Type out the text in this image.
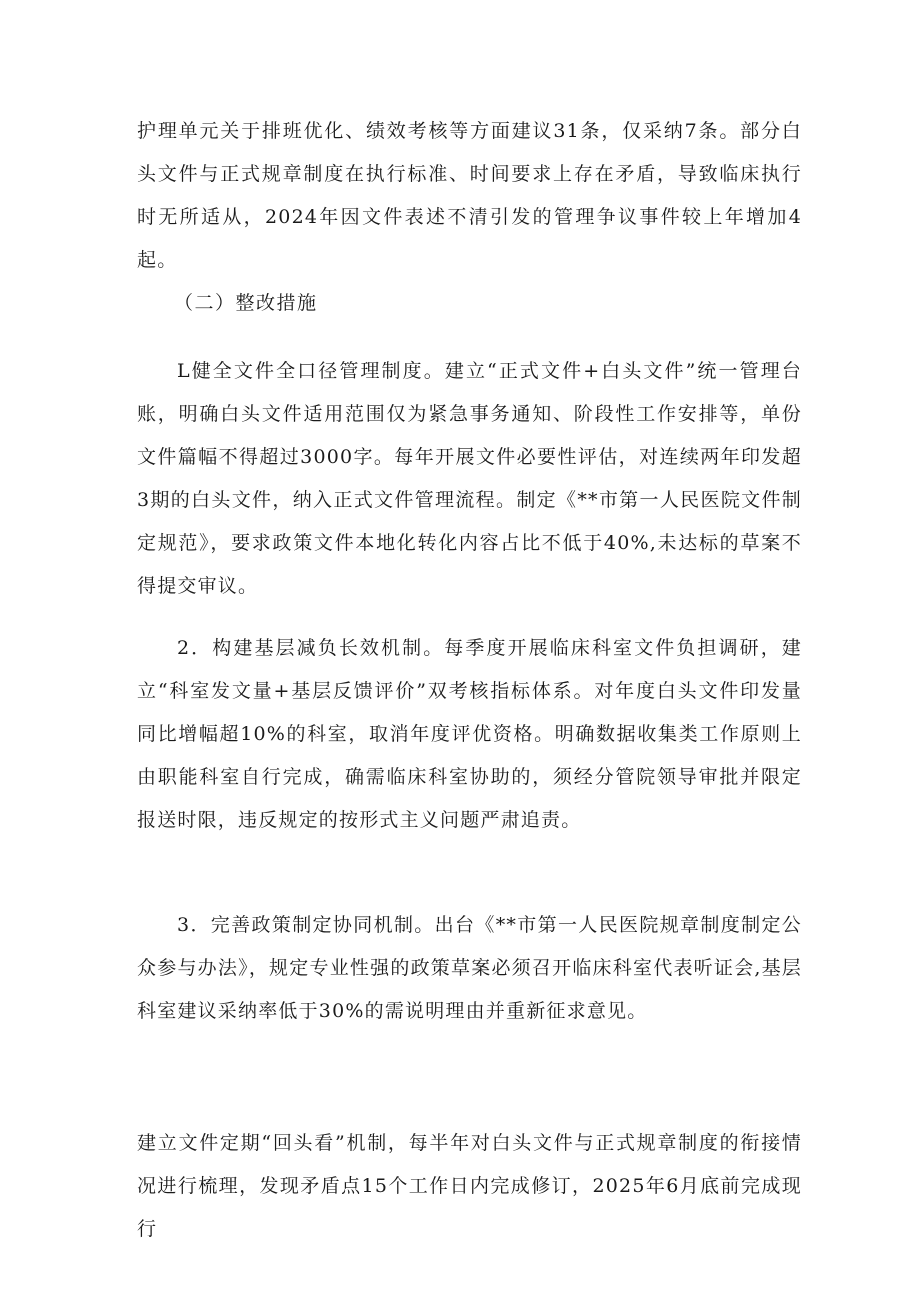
护理单元关于排班优化、绩效考核等方面建议31条，仅采纳7条。部分白头文件与正式规章制度在执行标准、时间要求上存在矛盾，导致临床执行时无所适从，2024年因文件表述不清引发的管理争议事件较上年增加4起。

（二）整改措施

L健全文件全口径管理制度。建立“正式文件+白头文件”统一管理台账，明确白头文件适用范围仅为紧急事务通知、阶段性工作安排等，单份文件篇幅不得超过3000字。每年开展文件必要性评估，对连续两年印发超3期的白头文件，纳入正式文件管理流程。制定《**市第一人民医院文件制定规范》，要求政策文件本地化转化内容占比不低于40%,未达标的草案不得提交审议。

2．构建基层减负长效机制。每季度开展临床科室文件负担调研，建立“科室发文量+基层反馈评价”双考核指标体系。对年度白头文件印发量同比增幅超10%的科室，取消年度评优资格。明确数据收集类工作原则上由职能科室自行完成，确需临床科室协助的，须经分管院领导审批并限定报送时限，违反规定的按形式主义问题严肃追责。

3．完善政策制定协同机制。出台《**市第一人民医院规章制度制定公众参与办法》，规定专业性强的政策草案必须召开临床科室代表听证会,基层科室建议采纳率低于30%的需说明理由并重新征求意见。

建立文件定期“回头看”机制，每半年对白头文件与正式规章制度的衔接情况进行梳理，发现矛盾点15个工作日内完成修订，2025年6月底前完成现行
